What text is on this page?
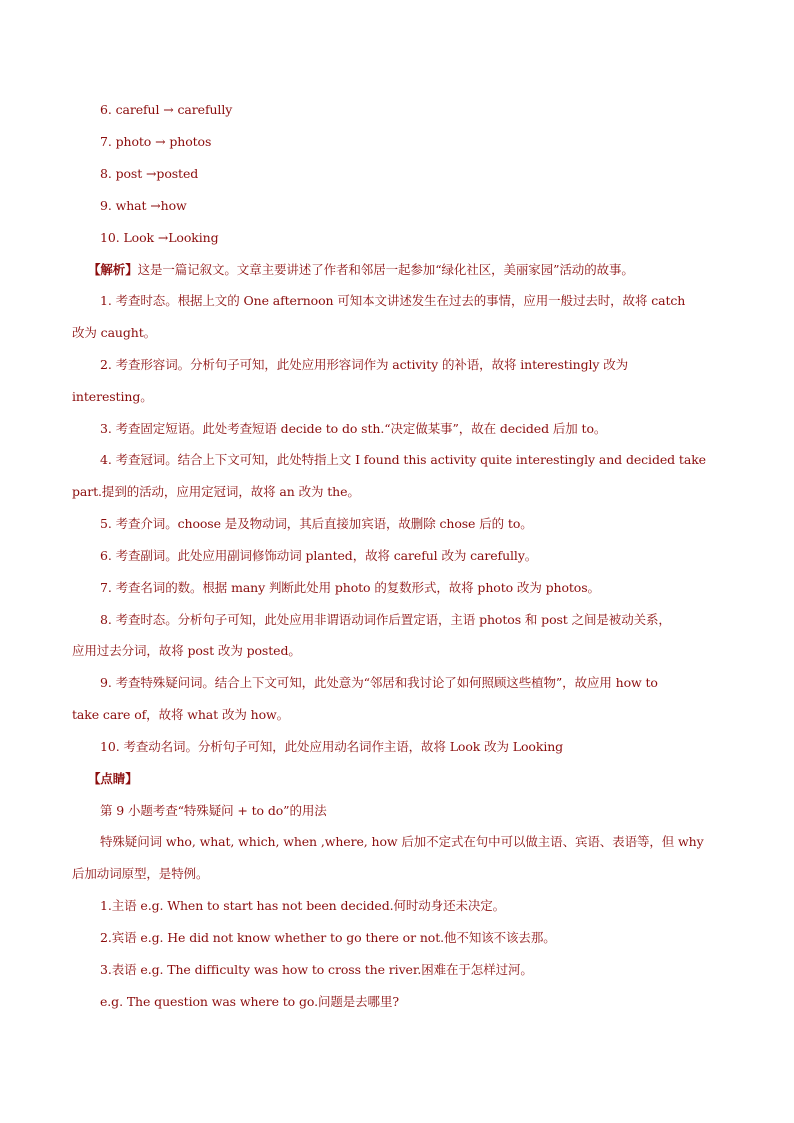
6. careful → carefully
7. photo → photos
8. post →posted
9. what →how
10. Look →Looking
【解析】这是一篇记叙文。文章主要讲述了作者和邻居一起参加“绿化社区，美丽家园”活动的故事。
1. 考查时态。根据上文的 One afternoon 可知本文讲述发生在过去的事情，应用一般过去时，故将 catch
改为 caught。
2. 考查形容词。分析句子可知，此处应用形容词作为 activity 的补语，故将 interestingly 改为
interesting。
3. 考查固定短语。此处考查短语 decide to do sth.“决定做某事”，故在 decided 后加 to。
4. 考查冠词。结合上下文可知，此处特指上文 I found this activity quite interestingly and decided take
part.提到的活动，应用定冠词，故将 an 改为 the。
5. 考查介词。choose 是及物动词，其后直接加宾语，故删除 chose 后的 to。
6. 考查副词。此处应用副词修饰动词 planted，故将 careful 改为 carefully。
7. 考查名词的数。根据 many 判断此处用 photo 的复数形式，故将 photo 改为 photos。
8. 考查时态。分析句子可知，此处应用非谓语动词作后置定语，主语 photos 和 post 之间是被动关系，
应用过去分词，故将 post 改为 posted。
9. 考查特殊疑问词。结合上下文可知，此处意为“邻居和我讨论了如何照顾这些植物”，故应用 how to
take care of，故将 what 改为 how。
10. 考查动名词。分析句子可知，此处应用动名词作主语，故将 Look 改为 Looking
【点睛】
第 9 小题考查“特殊疑问 + to do”的用法
特殊疑问词 who, what, which, when ,where, how 后加不定式在句中可以做主语、宾语、表语等，但 why
后加动词原型，是特例。
1.主语 e.g. When to start has not been decided.何时动身还未决定。
2.宾语 e.g. He did not know whether to go there or not.他不知该不该去那。
3.表语 e.g. The difficulty was how to cross the river.困难在于怎样过河。
e.g. The question was where to go.问题是去哪里?
